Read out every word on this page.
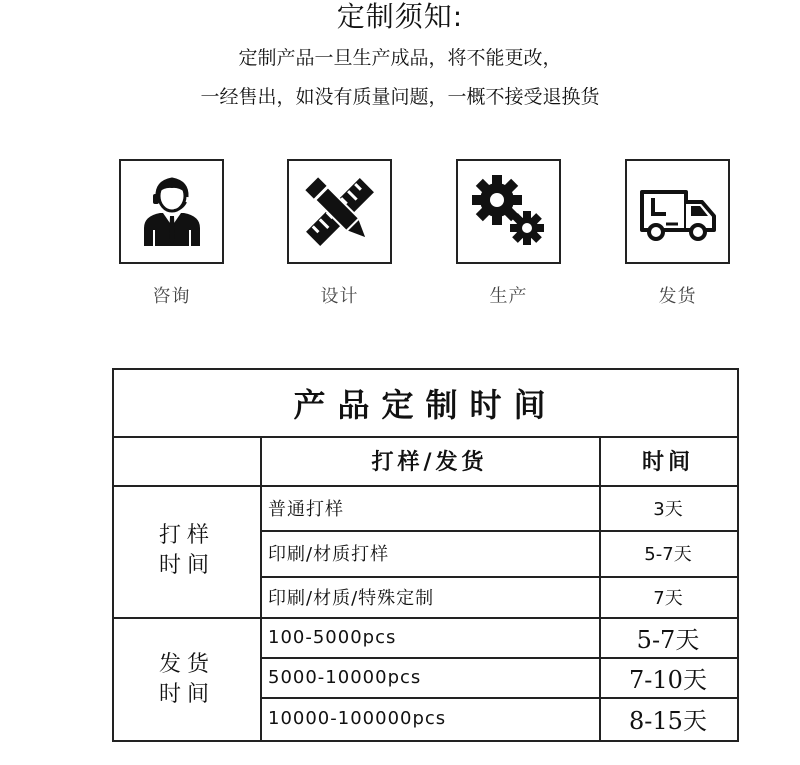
定制须知:
定制产品一旦生产成品，将不能更改，
一经售出，如没有质量问题，一概不接受退换货
咨询	设计	生产	发货
产品定制时间
打样/发货	时间
打样
时间
普通打样	3天
印刷/材质打样	5-7天
印刷/材质/特殊定制	7天
发货
时间
100-5000pcs	5-7天
5000-10000pcs	7-10天
10000-100000pcs	8-15天
